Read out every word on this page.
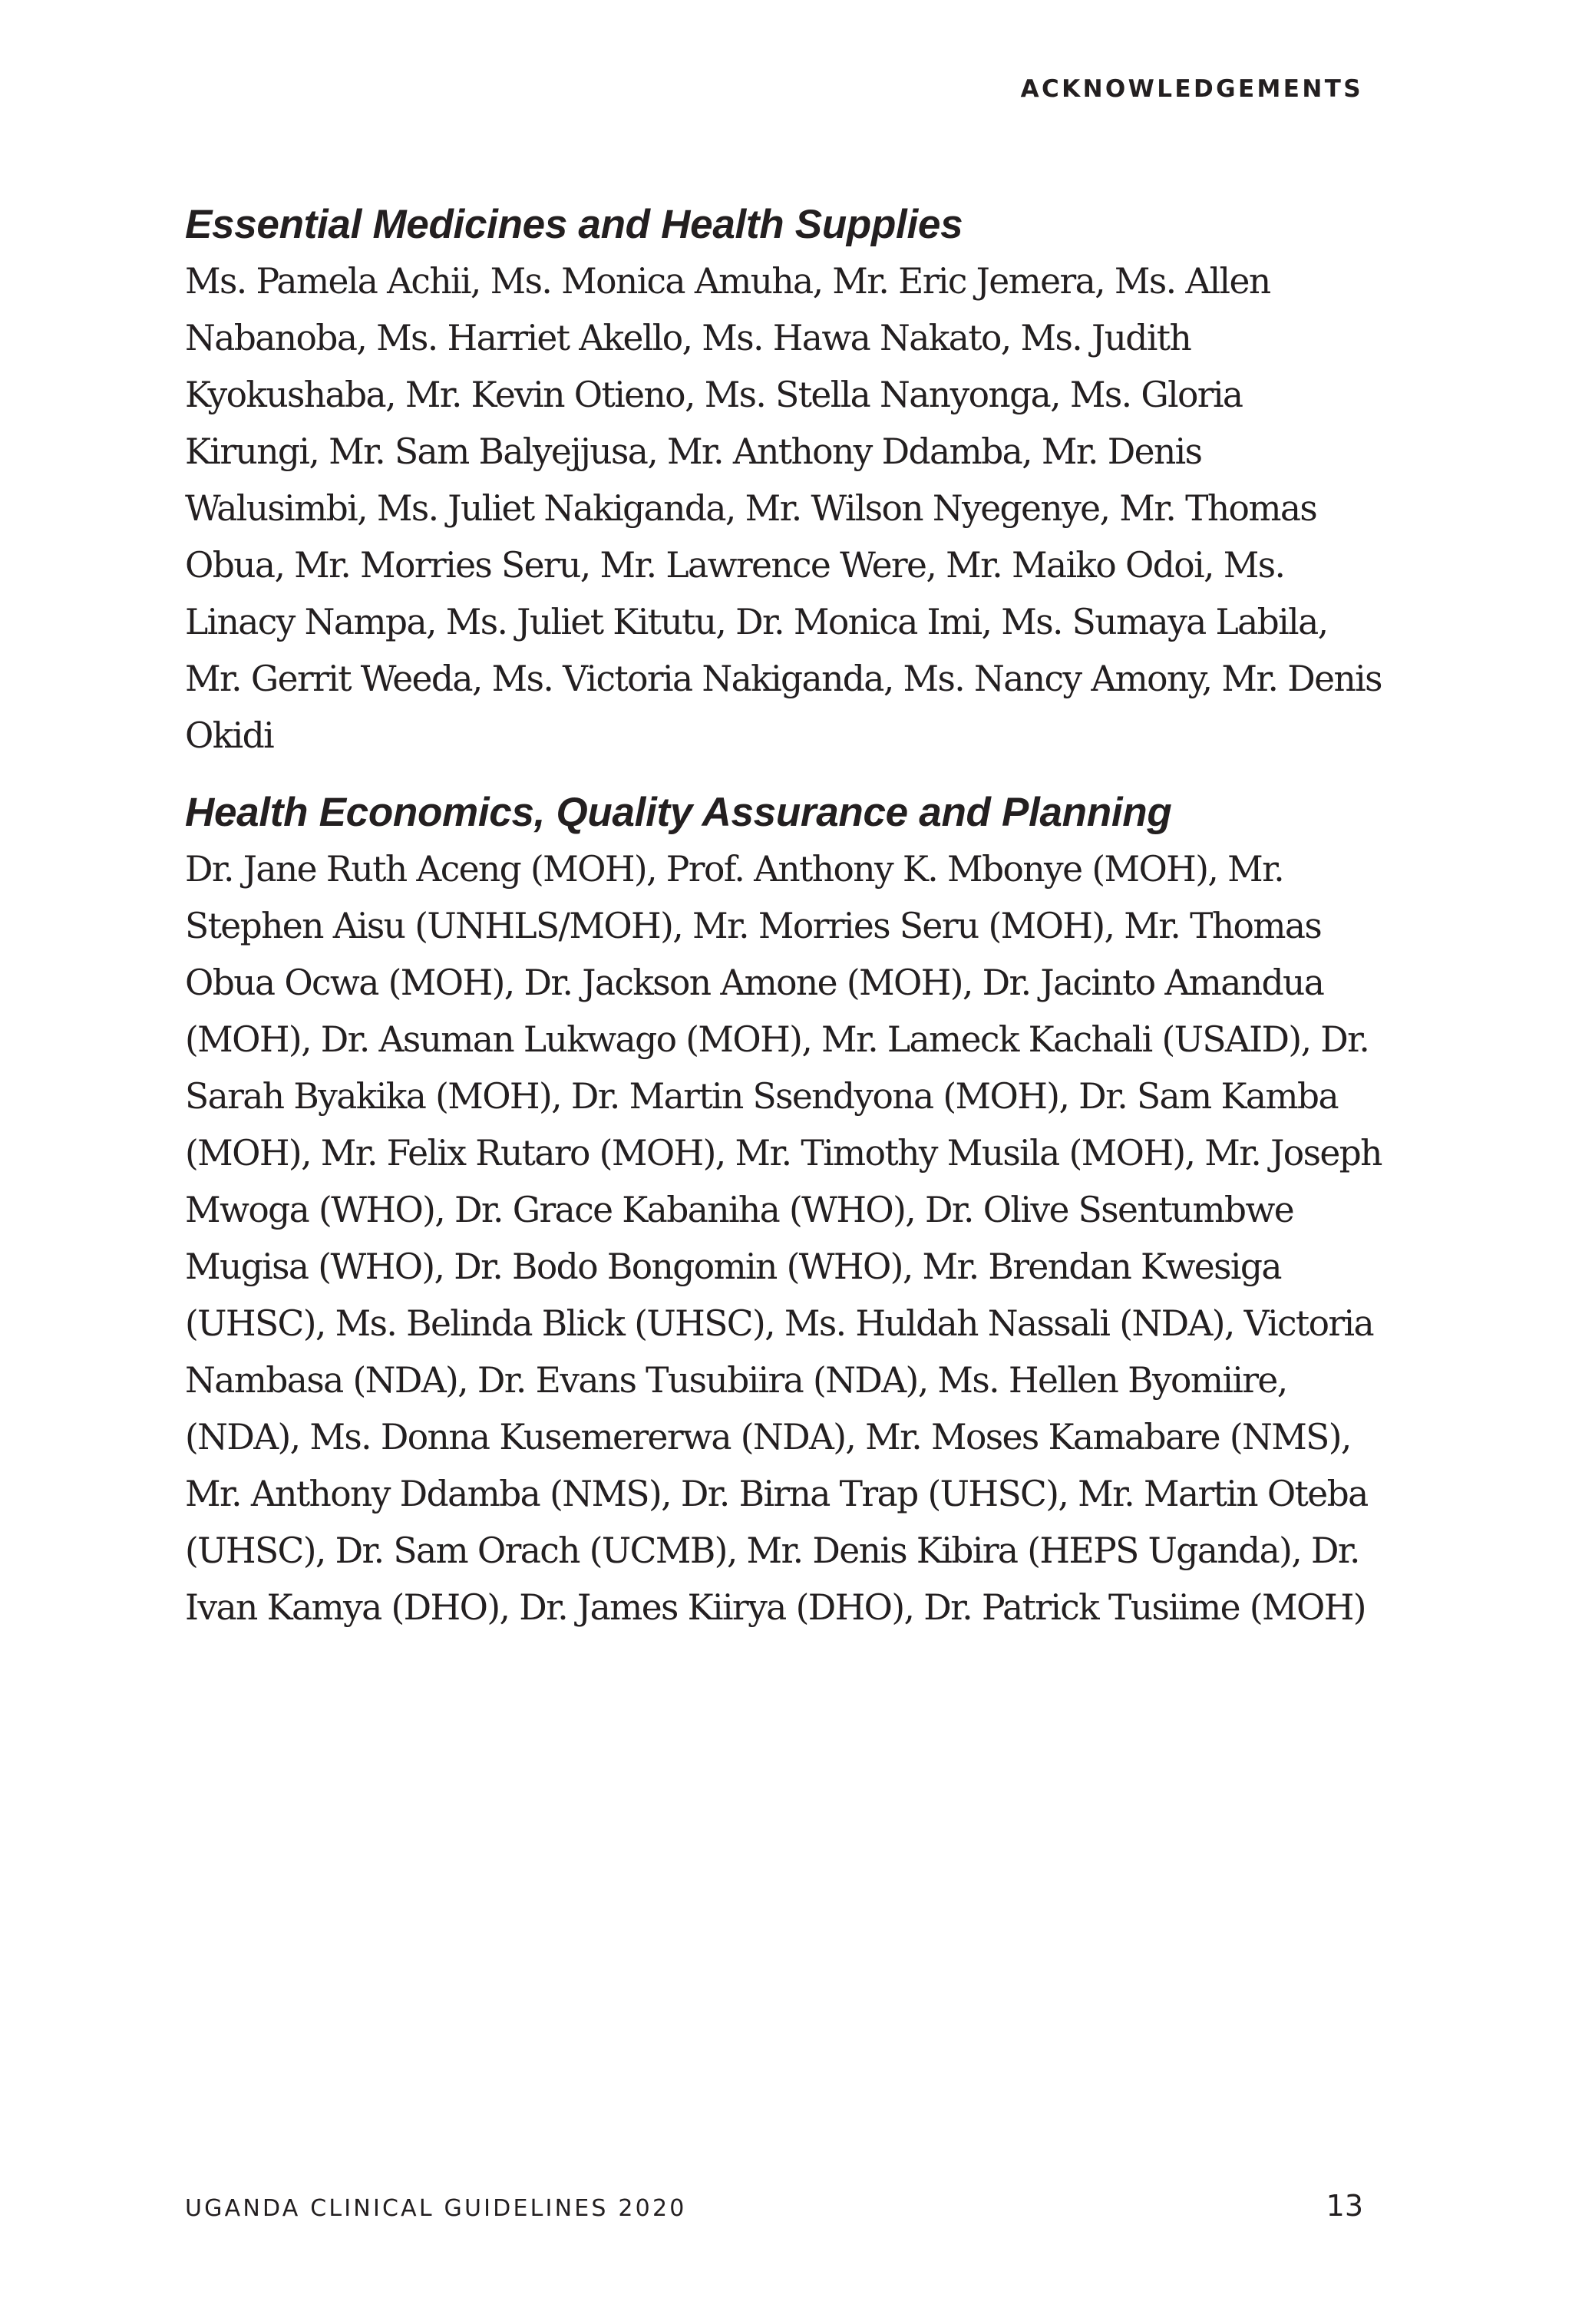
ACKNOWLEDGEMENTS
Essential Medicines and Health Supplies

Ms. Pamela Achii, Ms. Monica Amuha, Mr. Eric Jemera, Ms. Allen Nabanoba, Ms. Harriet Akello, Ms. Hawa Nakato, Ms. Judith Kyokushaba, Mr. Kevin Otieno, Ms. Stella Nanyonga, Ms. Gloria Kirungi, Mr. Sam Balyejjusa, Mr. Anthony Ddamba, Mr. Denis Walusimbi, Ms. Juliet Nakiganda, Mr. Wilson Nyegenye, Mr. Thomas Obua, Mr. Morries Seru, Mr. Lawrence Were, Mr. Maiko Odoi, Ms. Linacy Nampa, Ms. Juliet Kitutu, Dr. Monica Imi, Ms. Sumaya Labila, Mr. Gerrit Weeda, Ms. Victoria Nakiganda, Ms. Nancy Amony, Mr. Denis Okidi

Health Economics, Quality Assurance and Planning

Dr. Jane Ruth Aceng (MOH), Prof. Anthony K. Mbonye (MOH), Mr. Stephen Aisu (UNHLS/MOH), Mr. Morries Seru (MOH), Mr. Thomas Obua Ocwa (MOH), Dr. Jackson Amone (MOH), Dr. Jacinto Amandua (MOH), Dr. Asuman Lukwago (MOH), Mr. Lameck Kachali (USAID), Dr. Sarah Byakika (MOH), Dr. Martin Ssendyona (MOH), Dr. Sam Kamba (MOH), Mr. Felix Rutaro (MOH), Mr. Timothy Musila (MOH), Mr. Joseph Mwoga (WHO), Dr. Grace Kabaniha (WHO), Dr. Olive Ssentumbwe Mugisa (WHO), Dr. Bodo Bongomin (WHO), Mr. Brendan Kwesiga (UHSC), Ms. Belinda Blick (UHSC), Ms. Huldah Nassali (NDA), Victoria Nambasa (NDA), Dr. Evans Tusubiira (NDA), Ms. Hellen Byomiire, (NDA), Ms. Donna Kusemererwa (NDA), Mr. Moses Kamabare (NMS), Mr. Anthony Ddamba (NMS), Dr. Birna Trap (UHSC), Mr. Martin Oteba (UHSC), Dr. Sam Orach (UCMB), Mr. Denis Kibira (HEPS Uganda), Dr. Ivan Kamya (DHO), Dr. James Kiirya (DHO), Dr. Patrick Tusiime (MOH)

UGANDA CLINICAL GUIDELINES 2020	13
